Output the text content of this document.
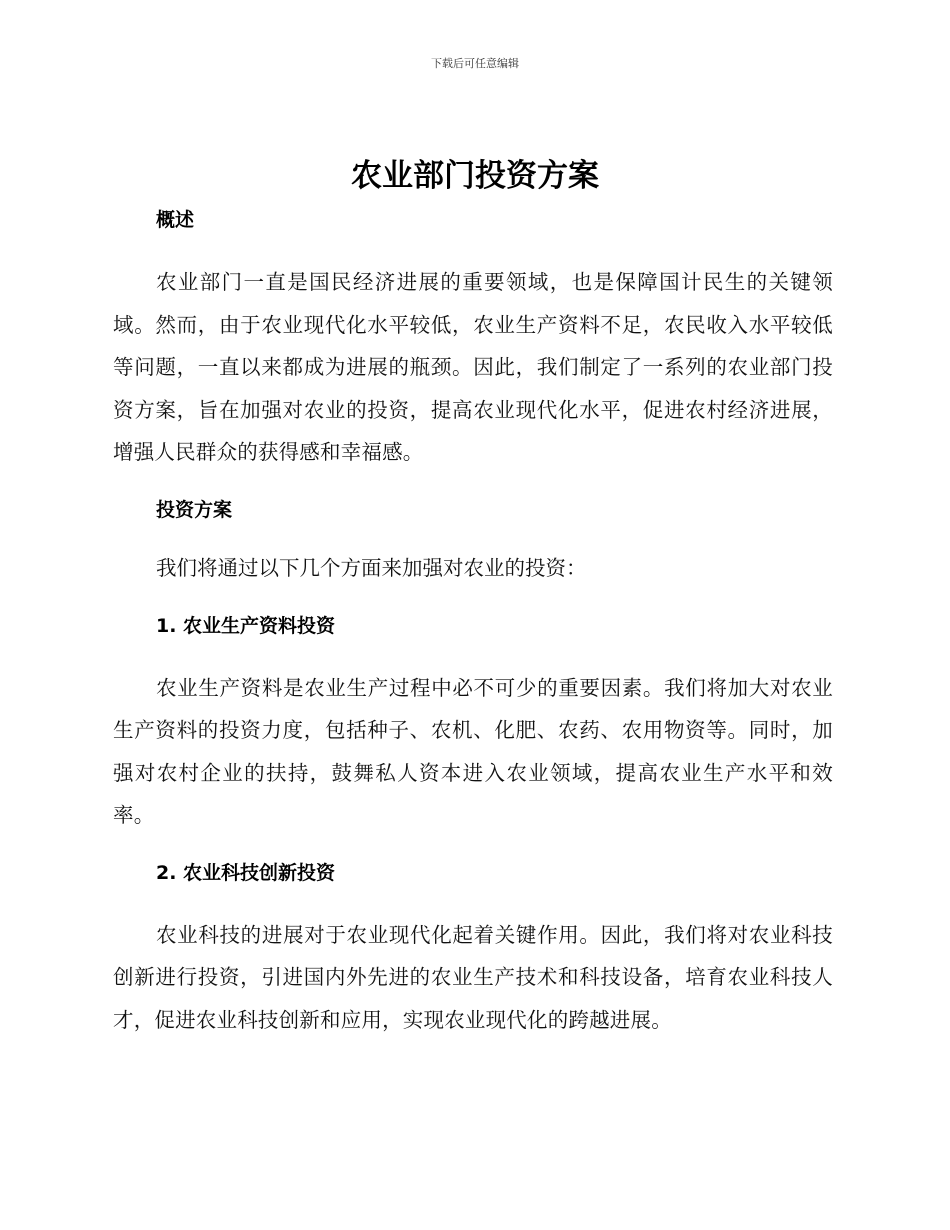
下载后可任意编辑
农业部门投资方案
概述

农业部门一直是国民经济进展的重要领域，也是保障国计民生的关键领域。然而，由于农业现代化水平较低，农业生产资料不足，农民收入水平较低等问题，一直以来都成为进展的瓶颈。因此，我们制定了一系列的农业部门投资方案，旨在加强对农业的投资，提高农业现代化水平，促进农村经济进展，增强人民群众的获得感和幸福感。

投资方案

我们将通过以下几个方面来加强对农业的投资：

1. 农业生产资料投资

农业生产资料是农业生产过程中必不可少的重要因素。我们将加大对农业生产资料的投资力度，包括种子、农机、化肥、农药、农用物资等。同时，加强对农村企业的扶持，鼓舞私人资本进入农业领域，提高农业生产水平和效率。

2. 农业科技创新投资

农业科技的进展对于农业现代化起着关键作用。因此，我们将对农业科技创新进行投资，引进国内外先进的农业生产技术和科技设备，培育农业科技人才，促进农业科技创新和应用，实现农业现代化的跨越进展。
